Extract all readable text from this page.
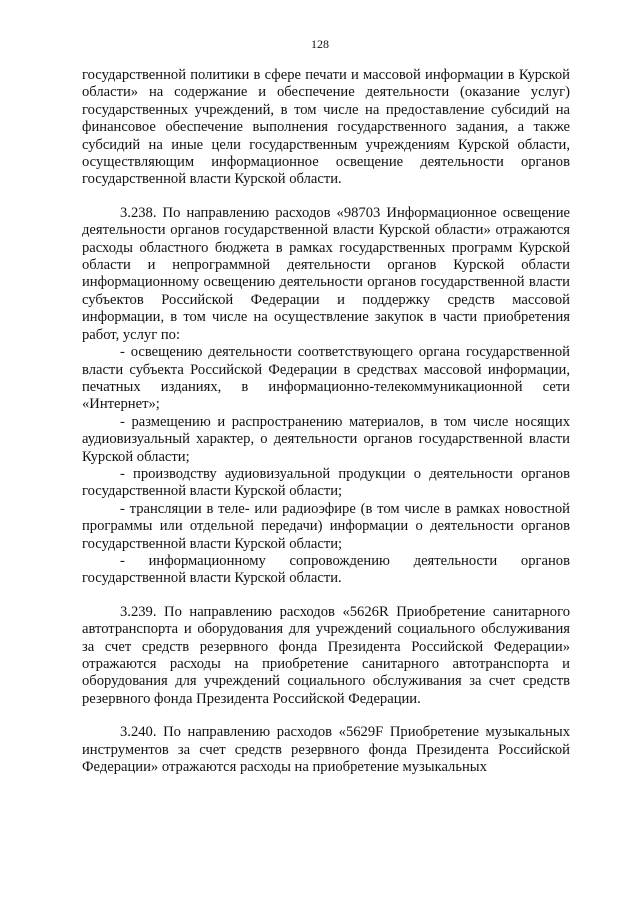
128

государственной политики в сфере печати и массовой информации в Курской области» на содержание и обеспечение деятельности (оказание услуг) государственных учреждений, в том числе на предоставление субсидий на финансовое обеспечение выполнения государственного задания, а также субсидий на иные цели государственным учреждениям Курской области, осуществляющим информационное освещение деятельности органов государственной власти Курской области.

3.238. По направлению расходов «98703 Информационное освещение деятельности органов государственной власти Курской области» отражаются расходы областного бюджета в рамках государственных программ Курской области и непрограммной деятельности органов Курской области информационному освещению деятельности органов государственной власти субъектов Российской Федерации и поддержку средств массовой информации, в том числе на осуществление закупок в части приобретения работ, услуг по:

- освещению деятельности соответствующего органа государственной власти субъекта Российской Федерации в средствах массовой информации, печатных изданиях, в информационно-телекоммуникационной сети «Интернет»;

- размещению и распространению материалов, в том числе носящих аудиовизуальный характер, о деятельности органов государственной власти Курской области;

- производству аудиовизуальной продукции о деятельности органов государственной власти Курской области;

- трансляции в теле- или радиоэфире (в том числе в рамках новостной программы или отдельной передачи) информации о деятельности органов государственной власти Курской области;

- информационному сопровождению деятельности органов государственной власти Курской области.

3.239. По направлению расходов «5626R Приобретение санитарного автотранспорта и оборудования для учреждений социального обслуживания за счет средств резервного фонда Президента Российской Федерации» отражаются расходы на приобретение санитарного автотранспорта и оборудования для учреждений социального обслуживания за счет средств резервного фонда Президента Российской Федерации.

3.240. По направлению расходов «5629F Приобретение музыкальных инструментов за счет средств резервного фонда Президента Российской Федерации» отражаются расходы на приобретение музыкальных
